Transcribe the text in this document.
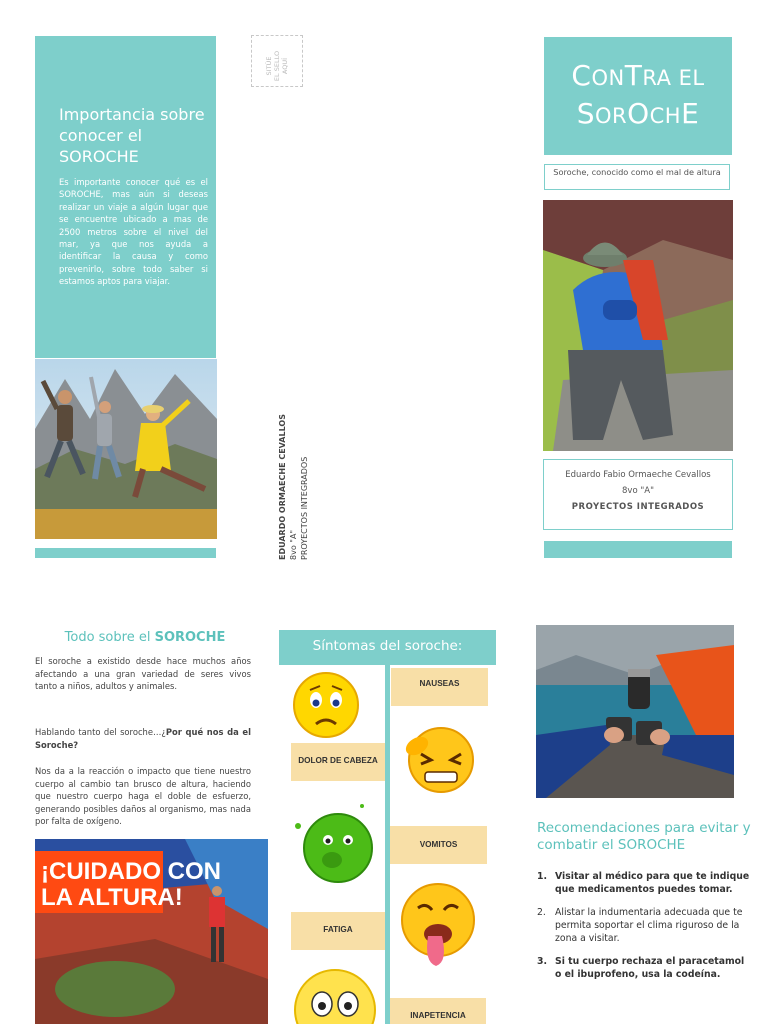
Importancia sobre conocer el SOROCHE
Es importante conocer qué es el SOROCHE, mas aún si deseas realizar un viaje a algún lugar que se encuentre ubicado a mas de 2500 metros sobre el nivel del mar, ya que nos ayuda a identificar la causa y como prevenirlo, sobre todo saber si estamos aptos para viajar.
SITÚE EL SELLO AQUÍ
EDUARDO ORMAECHE CEVALLOS 8vo "A" PROYECTOS INTEGRADOS
CONTRA EL
SOROCHE
Soroche, conocido como el mal de altura
Eduardo Fabio Ormaeche Cevallos
8vo "A"
PROYECTOS INTEGRADOS
Todo sobre el SOROCHE
El soroche a existido desde hace muchos años afectando a una gran variedad de seres vivos tanto a niños, adultos y animales.
Hablando tanto del soroche…¿Por qué nos da el Soroche?
Nos da a la reacción o impacto que tiene nuestro cuerpo al cambio tan brusco de altura, haciendo que nuestro cuerpo haga el doble de esfuerzo, generando posibles daños al organismo, mas nada por falta de oxígeno.
¡CUIDADO CON
LA ALTURA!
Síntomas del soroche:
NAUSEAS
DOLOR DE CABEZA
VOMITOS
FATIGA
INAPETENCIA
Recomendaciones para evitar y combatir el SOROCHE
1. Visitar al médico para que te indique que medicamentos puedes tomar.
2. Alistar la indumentaria adecuada que te permita soportar el clima riguroso de la zona a visitar.
3. Si tu cuerpo rechaza el paracetamol o el ibuprofeno, usa la codeína.
